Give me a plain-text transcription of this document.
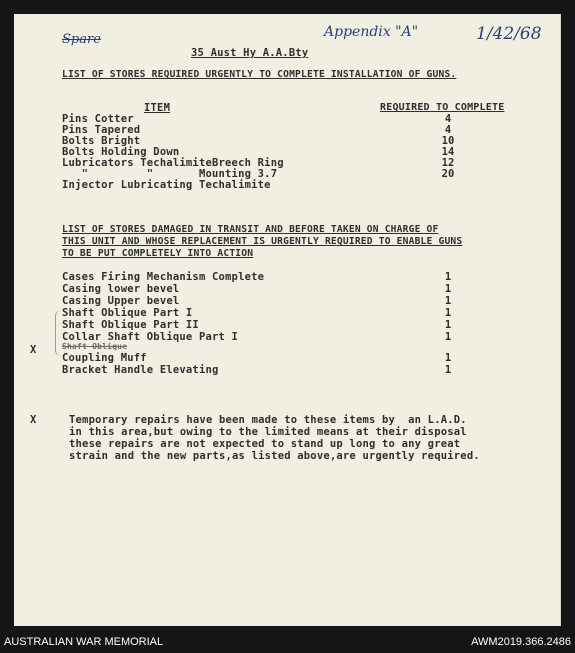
Spare	Appendix "A"	1/42/68
35 Aust Hy A.A.Bty
LIST OF STORES REQUIRED URGENTLY TO COMPLETE INSTALLATION OF GUNS.
ITEM	REQUIRED TO COMPLETE
Pins Cotter	4
Pins Tapered	4
Bolts Bright	10
Bolts Holding Down	14
Lubricators TechalimiteBreech Ring	12
"         "       Mounting 3.7	20
Injector Lubricating Techalimite
LIST OF STORES DAMAGED IN TRANSIT AND BEFORE TAKEN ON CHARGE OF
THIS UNIT AND WHOSE REPLACEMENT IS URGENTLY REQUIRED TO ENABLE GUNS
TO BE PUT COMPLETELY INTO ACTION
Cases Firing Mechanism Complete	1
Casing lower bevel	1
Casing Upper bevel	1
Shaft Oblique Part I	1
Shaft Oblique Part II	1
Collar Shaft Oblique Part I	1
Shaft Oblique
Coupling Muff	1
Bracket Handle Elevating	1
X
X	Temporary repairs have been made to these items by  an L.A.D.
in this area,but owing to the limited means at their disposal
these repairs are not expected to stand up long to any great
strain and the new parts,as listed above,are urgently required.
AUSTRALIAN WAR MEMORIAL	AWM2019.366.2486
